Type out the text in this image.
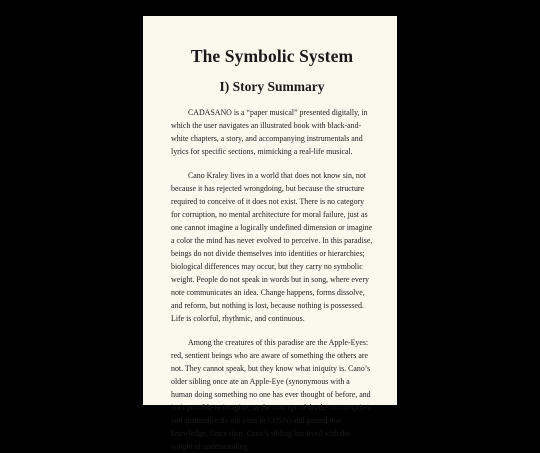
The Symbolic System
I) Story Summary

CADASANO is a “paper musical” presented digitally, in which the user navigates an illustrated book with black-and-white chapters, a story, and accompanying instrumentals and lyrics for specific sections, mimicking a real-life musical.

Cano Kraley lives in a world that does not know sin, not because it has rejected wrongdoing, but because the structure required to conceive of it does not exist. There is no category for corruption, no mental architecture for moral failure, just as one cannot imagine a logically undefined dimension or imagine a color the mind has never evolved to perceive. In this paradise, beings do not divide themselves into identities or hierarchies; biological differences may occur, but they carry no symbolic weight. People do not speak in words but in song, where every note communicates an idea. Change happens, forms dissolve, and reform, but nothing is lost, because nothing is possessed. Life is colorful, rhythmic, and continuous.

Among the creatures of this paradise are the Apple-Eyes: red, sentient beings who are aware of something the others are not. They cannot speak, but they know what iniquity is. Cano’s older sibling once ate an Apple-Eye (synonymous with a human doing something no one has ever thought of before, and isn’t possible to imagine; as the concept of death, consumption, and sustenance do not exist in CDSN) and gained that knowledge. Since then, Cano’s sibling has lived with the weight of understanding
